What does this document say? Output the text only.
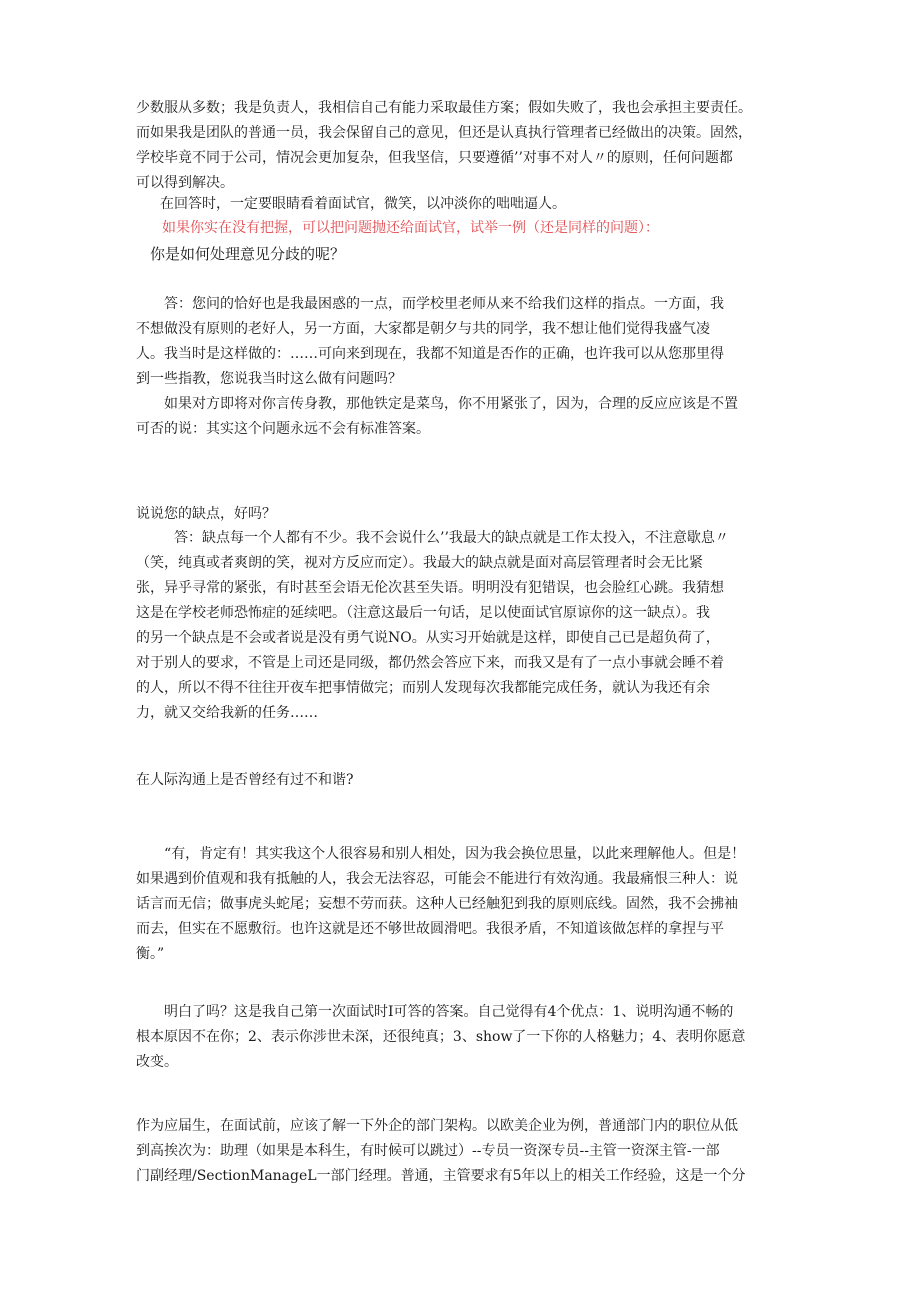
少数服从多数；我是负责人，我相信自己有能力采取最佳方案；假如失败了，我也会承担主要责任。
而如果我是团队的普通一员，我会保留自己的意见，但还是认真执行管理者已经做出的决策。固然，
学校毕竟不同于公司，情况会更加复杂，但我坚信，只要遵循’’对事不对人〃的原则，任何问题都
可以得到解决。
在回答时，一定要眼睛看着面试官，微笑，以冲淡你的咄咄逼人。
如果你实在没有把握，可以把问题抛还给面试官，试举一例（还是同样的问题）：
你是如何处理意见分歧的呢？
答：您问的恰好也是我最困惑的一点，而学校里老师从来不给我们这样的指点。一方面，我
不想做没有原则的老好人，另一方面，大家都是朝夕与共的同学，我不想让他们觉得我盛气凌
人。我当时是这样做的：……可向来到现在，我都不知道是否作的正确，也许我可以从您那里得
到一些指教，您说我当时这么做有问题吗？
如果对方即将对你言传身教，那他铁定是菜鸟，你不用紧张了，因为，合理的反应应该是不置
可否的说：其实这个问题永远不会有标准答案。
说说您的缺点，好吗？
答：缺点每一个人都有不少。我不会说什么’’我最大的缺点就是工作太投入，不注意歇息〃
（笑，纯真或者爽朗的笑，视对方反应而定）。我最大的缺点就是面对高层管理者时会无比紧
张，异乎寻常的紧张，有时甚至会语无伦次甚至失语。明明没有犯错误，也会脸红心跳。我猜想
这是在学校老师恐怖症的延续吧。（注意这最后一句话，足以使面试官原谅你的这一缺点）。我
的另一个缺点是不会或者说是没有勇气说NO。从实习开始就是这样，即使自己已是超负荷了，
对于别人的要求，不管是上司还是同级，都仍然会答应下来，而我又是有了一点小事就会睡不着
的人，所以不得不往往开夜车把事情做完；而别人发现每次我都能完成任务，就认为我还有余
力，就又交给我新的任务……
在人际沟通上是否曾经有过不和谐?
“有，肯定有！其实我这个人很容易和别人相处，因为我会换位思量，以此来理解他人。但是！
如果遇到价值观和我有抵触的人，我会无法容忍，可能会不能进行有效沟通。我最痛恨三种人：说
话言而无信；做事虎头蛇尾；妄想不劳而获。这种人已经触犯到我的原则底线。固然，我不会拂袖
而去，但实在不愿敷衍。也许这就是还不够世故圆滑吧。我很矛盾，不知道该做怎样的拿捏与平
衡。”
明白了吗？这是我自己第一次面试时I可答的答案。自己觉得有4个优点：1、说明沟通不畅的
根本原因不在你；2、表示你涉世未深，还很纯真；3、show了一下你的人格魅力；4、表明你愿意
改变。
作为应届生，在面试前，应该了解一下外企的部门架构。以欧美企业为例，普通部门内的职位从低
到高挨次为：助理（如果是本科生，有时候可以跳过）--专员一资深专员--主管一资深主管-一部
门副经理/SectionManageL一部门经理。普通，主管要求有5年以上的相关工作经验，这是一个分
